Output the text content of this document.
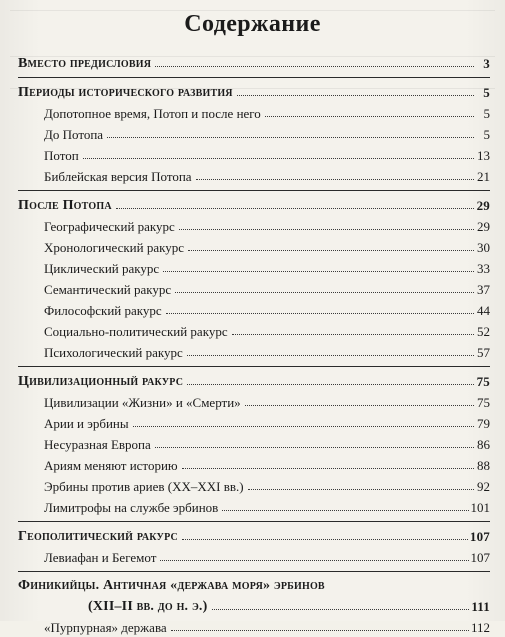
Содержание
Вместо предисловия	3
Периоды исторического развития	5
Допотопное время, Потоп и после него	5
До Потопа	5
Потоп	13
Библейская версия Потопа	21
После Потопа	29
Географический ракурс	29
Хронологический ракурс	30
Циклический ракурс	33
Семантический ракурс	37
Философский ракурс	44
Социально-политический ракурс	52
Психологический ракурс	57
Цивилизационный ракурс	75
Цивилизации «Жизни» и «Смерти»	75
Арии и эрбины	79
Несуразная Европа	86
Ариям меняют историю	88
Эрбины против ариев (XX–XXI вв.)	92
Лимитрофы на службе эрбинов	101
Геополитический ракурс	107
Левиафан и Бегемот	107
Финикийцы. Античная «держава моря» эрбинов
(XII–II вв. до н. э.)	111
«Пурпурная» держава	112
